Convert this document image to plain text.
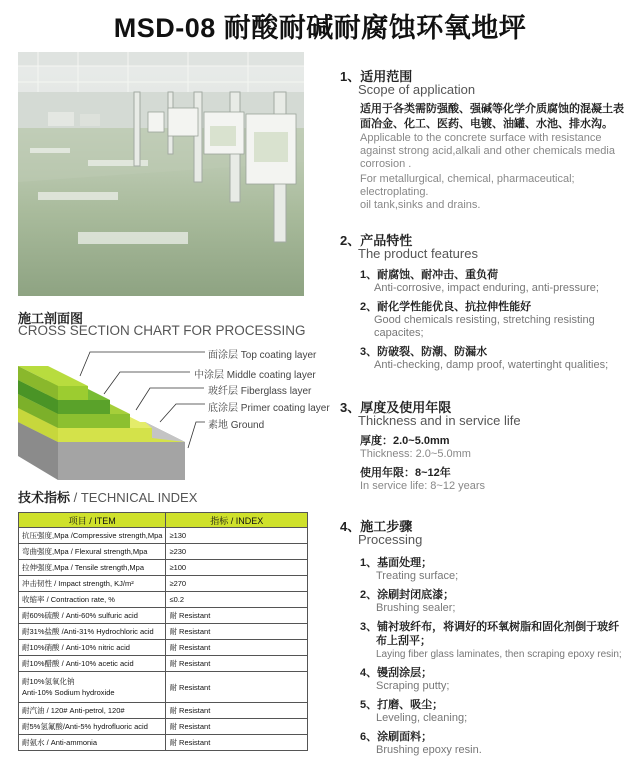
MSD-08 耐酸耐碱耐腐蚀环氧地坪
施工剖面图
CROSS SECTION CHART FOR PROCESSING
面涂层 Top coating layer
中涂层 Middle coating layer
玻纤层 Fiberglass layer
底涂层 Primer coating layer
素地 Ground
技术指标 / TECHNICAL INDEX
项目 / ITEM	指标 / INDEX
抗压强度,Mpa /Compressive strength,Mpa	≥130
弯曲强度,Mpa / Flexural strength,Mpa	≥230
拉伸强度,Mpa / Tensile strength,Mpa	≥100
冲击韧性 / Impact strength, KJ/m²	≥270
收缩率 / Contraction rate, %	≤0.2
耐60%硫酸 / Anti-60% sulfuric acid	耐 Resistant
耐31%盐酸 /Anti-31% Hydrochloric acid	耐 Resistant
耐10%硝酸 / Anti-10% nitric acid	耐 Resistant
耐10%醋酸 / Anti-10% acetic acid	耐 Resistant
耐10%氢氧化钠
Anti-10% Sodium hydroxide	耐 Resistant
耐汽油 / 120# Anti-petrol, 120#	耐 Resistant
耐5%氢氟酸/Anti-5% hydrofluoric acid	耐 Resistant
耐氨水 / Anti-ammonia	耐 Resistant
1、适用范围
Scope of application
适用于各类需防强酸、强碱等化学介质腐蚀的混凝土表
面冶金、化工、医药、电镀、油罐、水池、排水沟。
Applicable to the concrete surface with resistance
against strong acid,alkali and other chemicals media
corrosion .
For metallurgical, chemical, pharmaceutical; electroplating.
oil tank,sinks and drains.
2、产品特性
The product features
1、耐腐蚀、耐冲击、重负荷
Anti-corrosive, impact enduring, anti-pressure;
2、耐化学性能优良、抗拉伸性能好
Good chemicals resisting, stretching resisting
capacites;
3、防破裂、防潮、防漏水
Anti-checking, damp proof, watertinght qualities;
3、厚度及使用年限
Thickness and in service life
厚度：2.0~5.0mm
Thickness: 2.0~5.0mm
使用年限：8~12年
In service life: 8~12 years
4、施工步骤
Processing
1、基面处理；
Treating surface;
2、涂刷封闭底漆；
Brushing sealer;
3、铺衬玻纤布，将调好的环氧树脂和固化剂倒于玻纤
布上刮平；
Laying fiber glass laminates, then scraping epoxy resin;
4、镘刮涂层；
Scraping putty;
5、打磨、吸尘；
Leveling, cleaning;
6、涂刷面料；
Brushing epoxy resin.
